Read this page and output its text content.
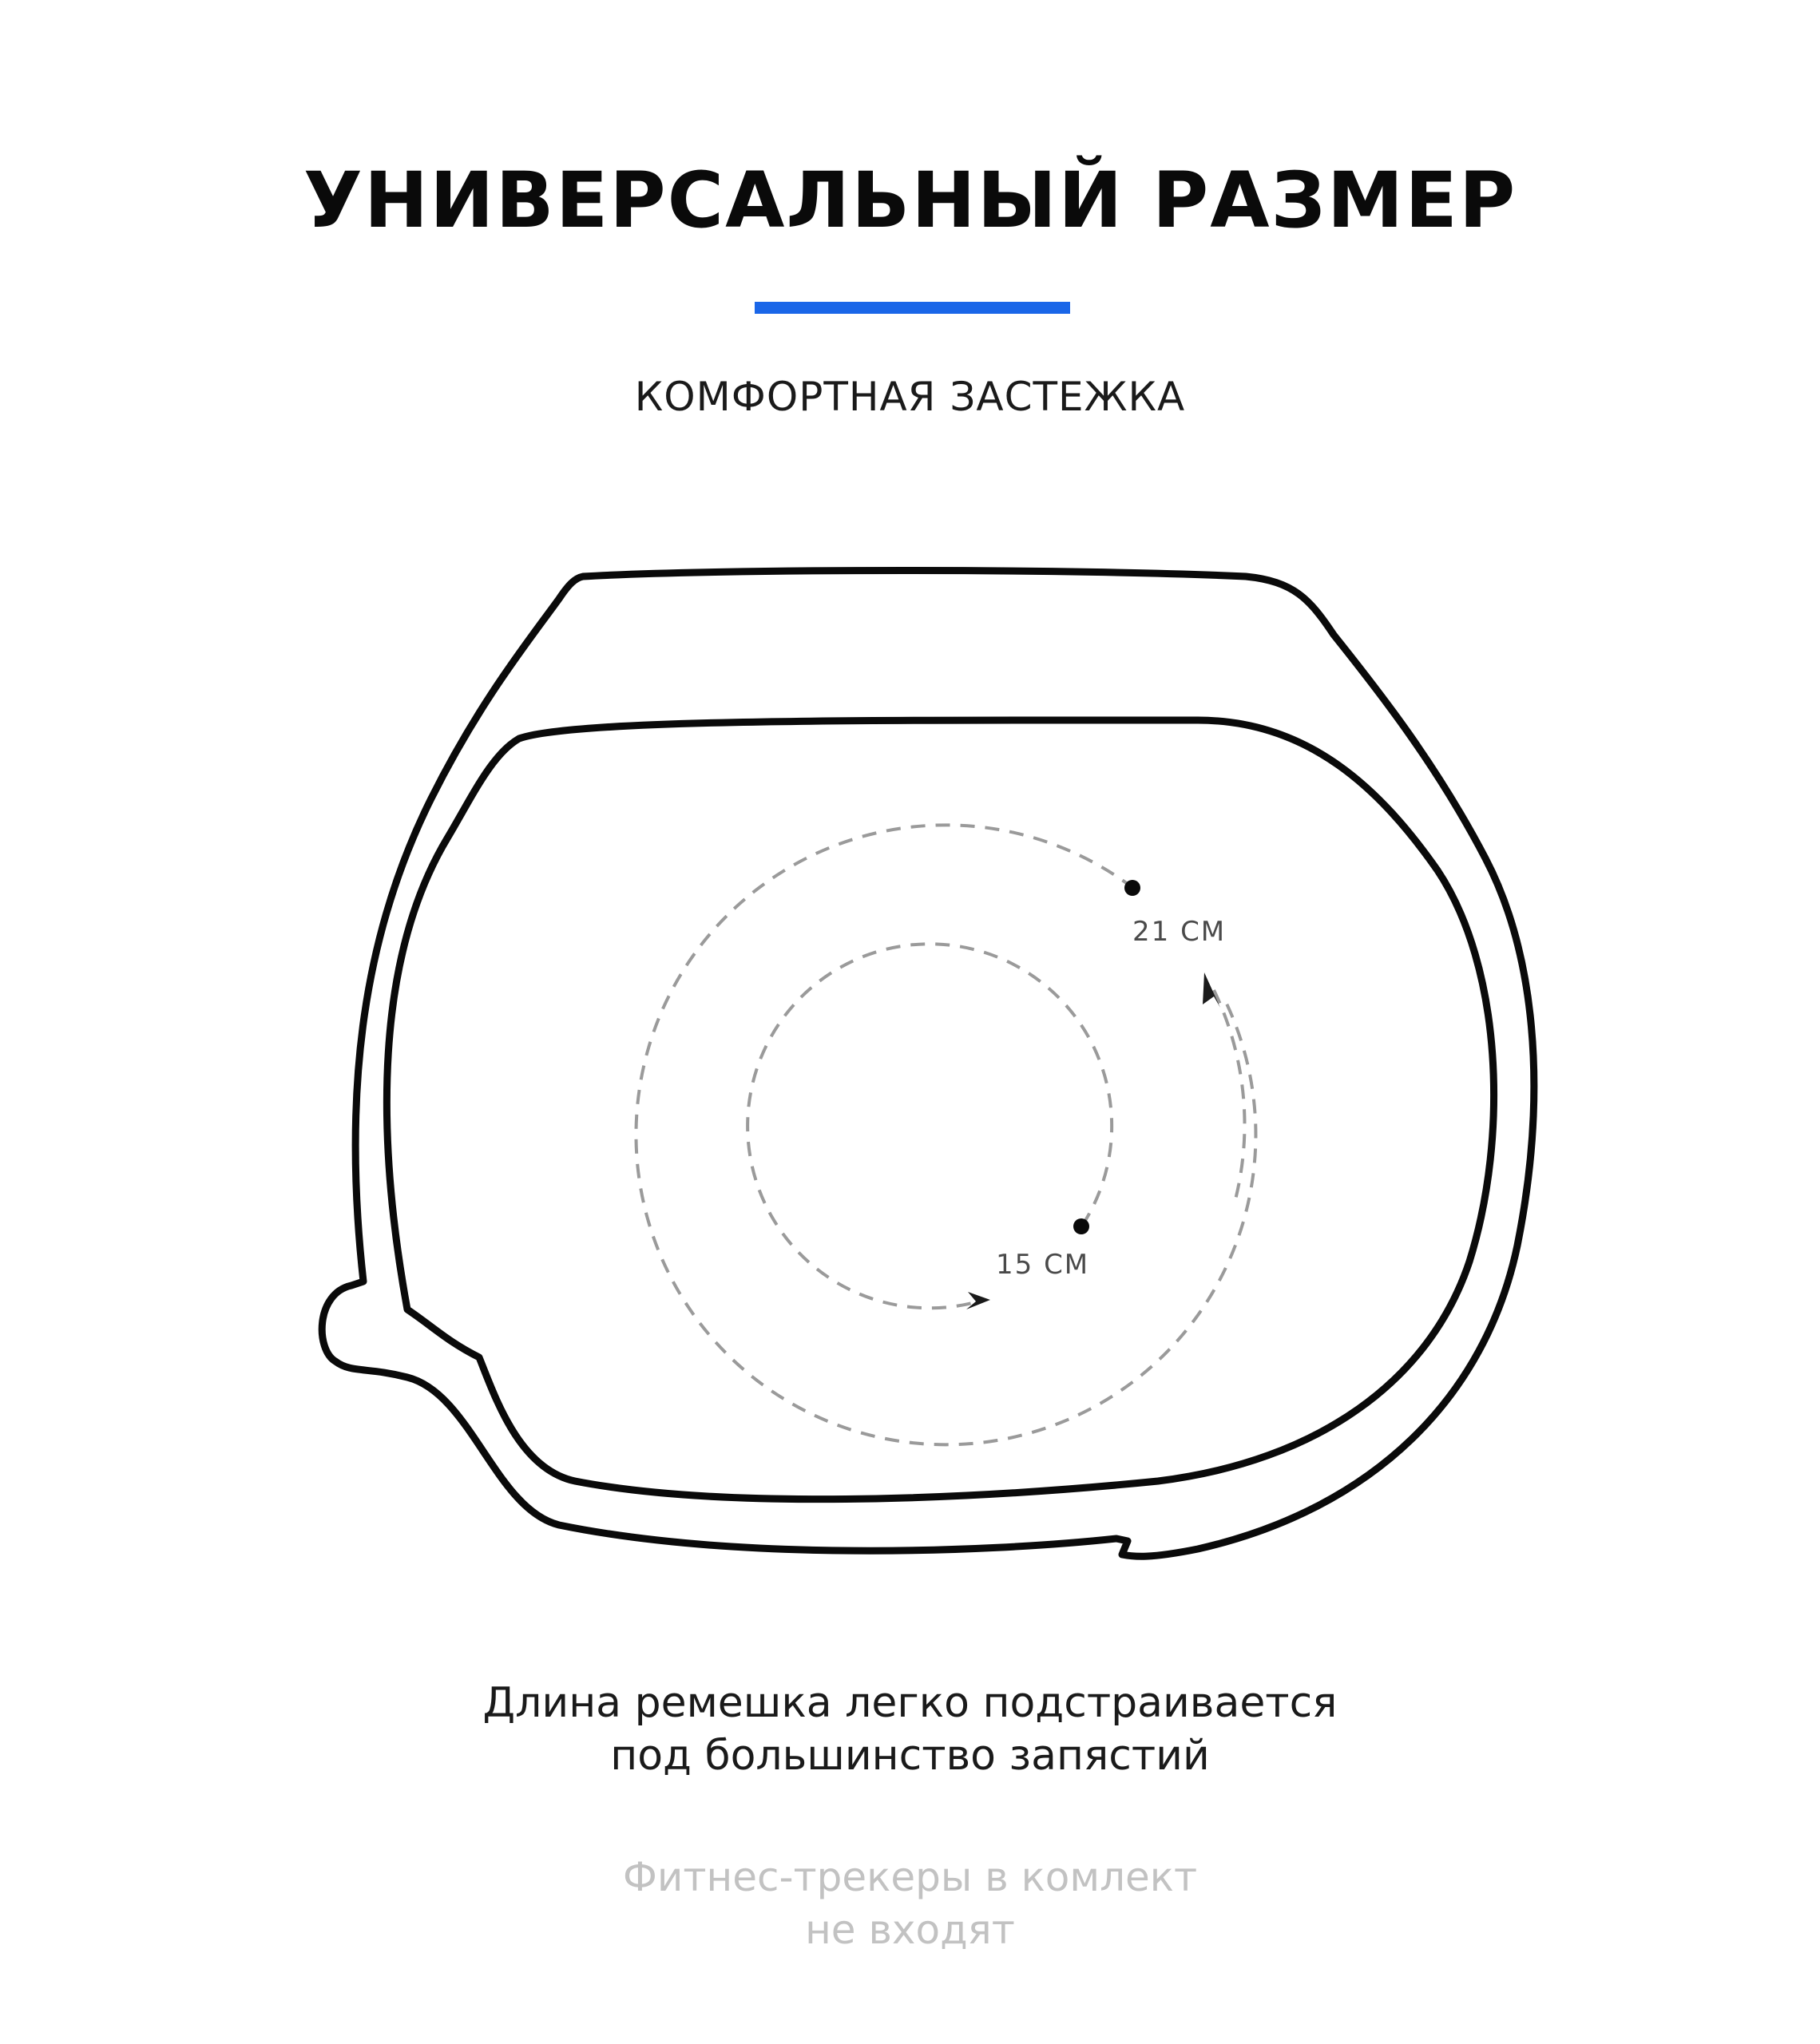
УНИВЕРСАЛЬНЫЙ РАЗМЕР
КОМФОРТНАЯ ЗАСТЕЖКА
21 СМ
15 СМ
Длина ремешка легко подстраивается
под большинство запястий
Фитнес-трекеры в комлект
не входят
